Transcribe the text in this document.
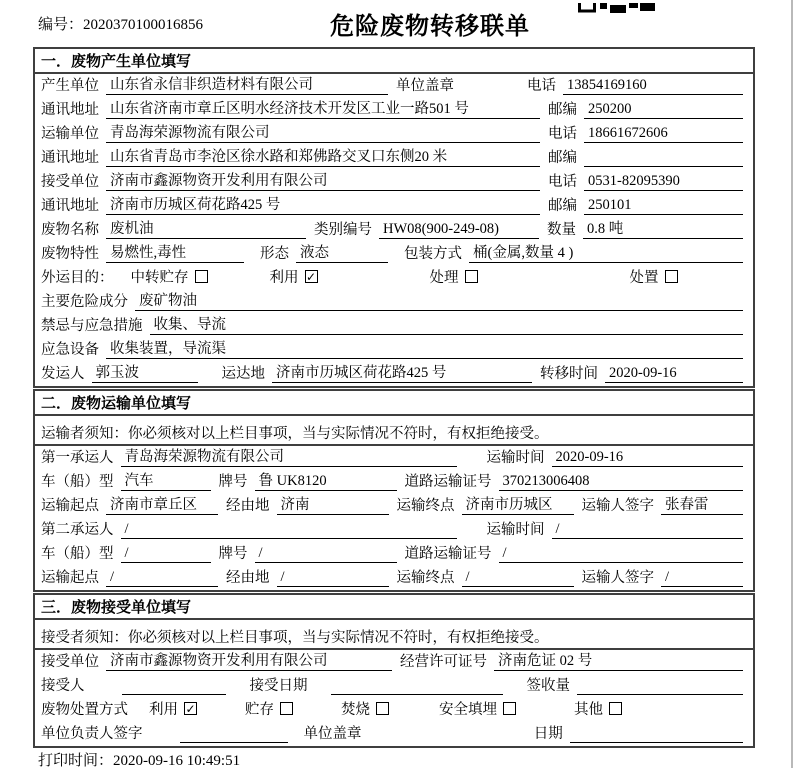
编号：2020370100016856	危险废物转移联单
一．废物产生单位填写
产生单位 山东省永信非织造材料有限公司	单位盖章	电话 13854169160
通讯地址 山东省济南市章丘区明水经济技术开发区工业一路501 号	邮编 250200
运输单位 青岛海荣源物流有限公司	电话 18661672606
通讯地址 山东省青岛市李沧区徐水路和郑佛路交叉口东侧20 米	邮编
接受单位 济南市鑫源物资开发利用有限公司	电话 0531-82095390
通讯地址 济南市历城区荷花路425 号	邮编 250101
废物名称 废机油	类别编号 HW08(900-249-08)	数量 0.8 吨
废物特性 易燃性,毒性	形态 液态	包装方式 桶(金属,数量 4 )
外运目的： 中转贮存	利用 ✓	处理	处置
主要危险成分 废矿物油
禁忌与应急措施 收集、导流
应急设备 收集装置，导流渠
发运人 郭玉波	运达地 济南市历城区荷花路425 号	转移时间 2020-09-16
二．废物运输单位填写
运输者须知： 你必须核对以上栏目事项，当与实际情况不符时，有权拒绝接受。
第一承运人 青岛海荣源物流有限公司	运输时间 2020-09-16
车（船）型 汽车	牌号 鲁 UK8120	道路运输证号 370213006408
运输起点 济南市章丘区	经由地 济南	运输终点 济南市历城区	运输人签字 张春雷
第二承运人 /	运输时间 /
车（船）型 /	牌号 /	道路运输证号 /
运输起点 /	经由地 /	运输终点 /	运输人签字 /
三．废物接受单位填写
接受者须知： 你必须核对以上栏目事项，当与实际情况不符时，有权拒绝接受。
接受单位 济南市鑫源物资开发利用有限公司	经营许可证号 济南危证 02 号
接受人	接受日期	签收量
废物处置方式 利用 ✓	贮存	焚烧	安全填埋	其他
单位负责人签字	单位盖章	日期
打印时间：2020-09-16 10:49:51
